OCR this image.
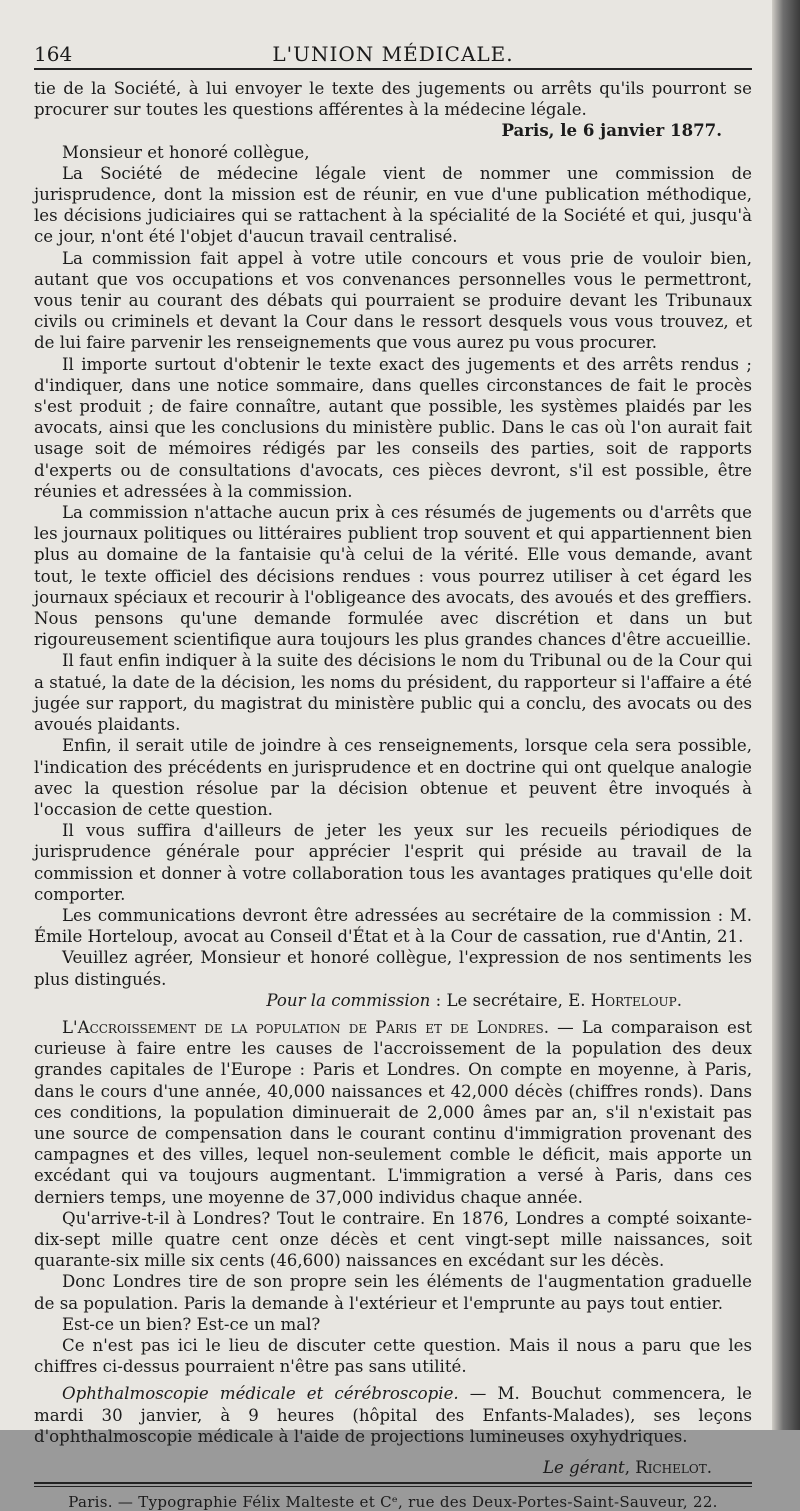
164	L'UNION MÉDICALE.

tie de la Société, à lui envoyer le texte des jugements ou arrêts qu'ils pourront se procurer sur toutes les questions afférentes à la médecine légale.

Paris, le 6 janvier 1877.

Monsieur et honoré collègue,

La Société de médecine légale vient de nommer une commission de jurisprudence, dont la mission est de réunir, en vue d'une publication méthodique, les décisions judiciaires qui se rattachent à la spécialité de la Société et qui, jusqu'à ce jour, n'ont été l'objet d'aucun travail centralisé.

La commission fait appel à votre utile concours et vous prie de vouloir bien, autant que vos occupations et vos convenances personnelles vous le permettront, vous tenir au courant des débats qui pourraient se produire devant les Tribunaux civils ou criminels et devant la Cour dans le ressort desquels vous vous trouvez, et de lui faire parvenir les renseignements que vous aurez pu vous procurer.

Il importe surtout d'obtenir le texte exact des jugements et des arrêts rendus ; d'indiquer, dans une notice sommaire, dans quelles circonstances de fait le procès s'est produit ; de faire connaître, autant que possible, les systèmes plaidés par les avocats, ainsi que les conclusions du ministère public. Dans le cas où l'on aurait fait usage soit de mémoires rédigés par les conseils des parties, soit de rapports d'experts ou de consultations d'avocats, ces pièces devront, s'il est possible, être réunies et adressées à la commission.

La commission n'attache aucun prix à ces résumés de jugements ou d'arrêts que les journaux politiques ou littéraires publient trop souvent et qui appartiennent bien plus au domaine de la fantaisie qu'à celui de la vérité. Elle vous demande, avant tout, le texte officiel des décisions rendues : vous pourrez utiliser à cet égard les journaux spéciaux et recourir à l'obligeance des avocats, des avoués et des greffiers. Nous pensons qu'une demande formulée avec discrétion et dans un but rigoureusement scientifique aura toujours les plus grandes chances d'être accueillie.

Il faut enfin indiquer à la suite des décisions le nom du Tribunal ou de la Cour qui a statué, la date de la décision, les noms du président, du rapporteur si l'affaire a été jugée sur rapport, du magistrat du ministère public qui a conclu, des avocats ou des avoués plaidants.

Enfin, il serait utile de joindre à ces renseignements, lorsque cela sera possible, l'indication des précédents en jurisprudence et en doctrine qui ont quelque analogie avec la question résolue par la décision obtenue et peuvent être invoqués à l'occasion de cette question.

Il vous suffira d'ailleurs de jeter les yeux sur les recueils périodiques de jurisprudence générale pour apprécier l'esprit qui préside au travail de la commission et donner à votre collaboration tous les avantages pratiques qu'elle doit comporter.

Les communications devront être adressées au secrétaire de la commission : M. Émile Horteloup, avocat au Conseil d'État et à la Cour de cassation, rue d'Antin, 21.

Veuillez agréer, Monsieur et honoré collègue, l'expression de nos sentiments les plus distingués.

Pour la commission : Le secrétaire, E. Horteloup.

L'Accroissement de la population de Paris et de Londres. — La comparaison est curieuse à faire entre les causes de l'accroissement de la population des deux grandes capitales de l'Europe : Paris et Londres. On compte en moyenne, à Paris, dans le cours d'une année, 40,000 naissances et 42,000 décès (chiffres ronds). Dans ces conditions, la population diminuerait de 2,000 âmes par an, s'il n'existait pas une source de compensation dans le courant continu d'immigration provenant des campagnes et des villes, lequel non-seulement comble le déficit, mais apporte un excédant qui va toujours augmentant. L'immigration a versé à Paris, dans ces derniers temps, une moyenne de 37,000 individus chaque année.

Qu'arrive-t-il à Londres? Tout le contraire. En 1876, Londres a compté soixante-dix-sept mille quatre cent onze décès et cent vingt-sept mille naissances, soit quarante-six mille six cents (46,600) naissances en excédant sur les décès.

Donc Londres tire de son propre sein les éléments de l'augmentation graduelle de sa population. Paris la demande à l'extérieur et l'emprunte au pays tout entier.

Est-ce un bien? Est-ce un mal?

Ce n'est pas ici le lieu de discuter cette question. Mais il nous a paru que les chiffres ci-dessus pourraient n'être pas sans utilité.

Ophthalmoscopie médicale et cérébroscopie. — M. Bouchut commencera, le mardi 30 janvier, à 9 heures (hôpital des Enfants-Malades), ses leçons d'ophthalmoscopie médicale à l'aide de projections lumineuses oxyhydriques.

Le gérant, Richelot.

Paris. — Typographie Félix Malteste et Cᵉ, rue des Deux-Portes-Saint-Sauveur, 22.
